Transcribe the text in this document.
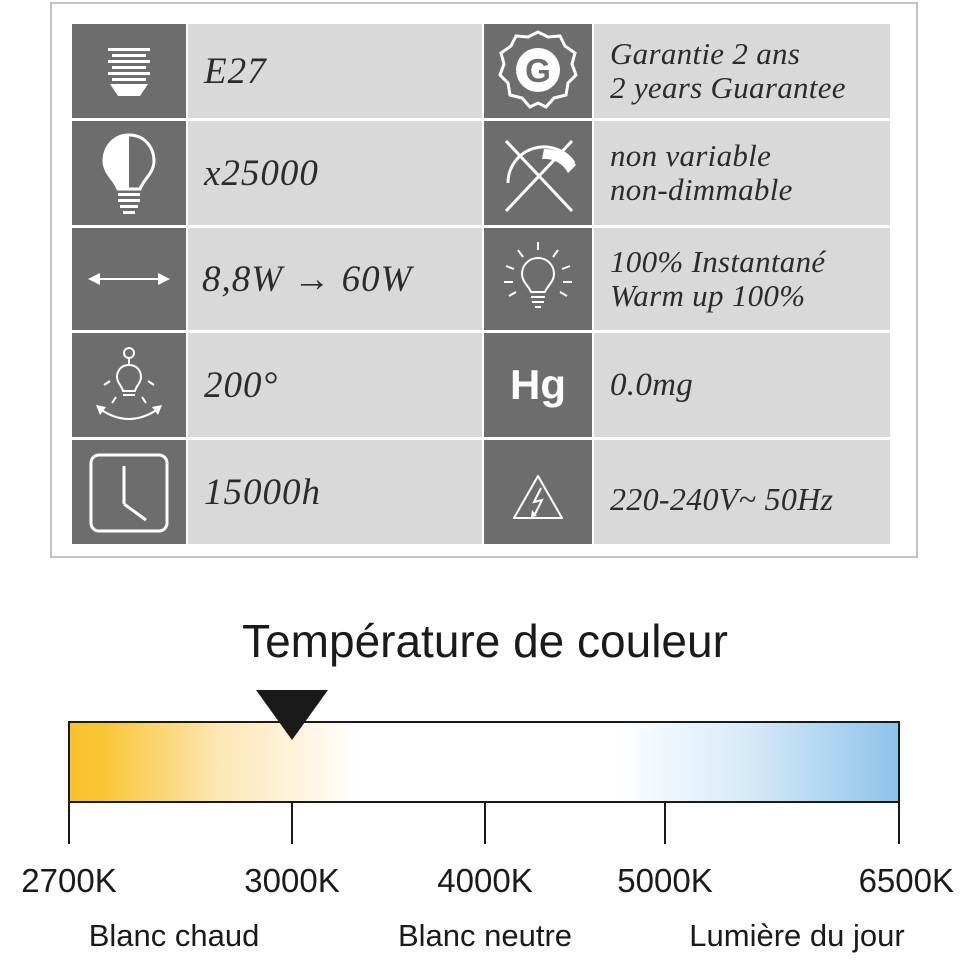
E27	G Garantie 2 ans
2 years Guarantee
x25000	non variable
non-dimmable
8,8W → 60W	100% Instantané
Warm up 100%
200°	Hg 0.0mg
15000h	220-240V~ 50Hz
Température de couleur
2700K	3000K	4000K	5000K	6500K
Blanc chaud	Blanc neutre	Lumière du jour
